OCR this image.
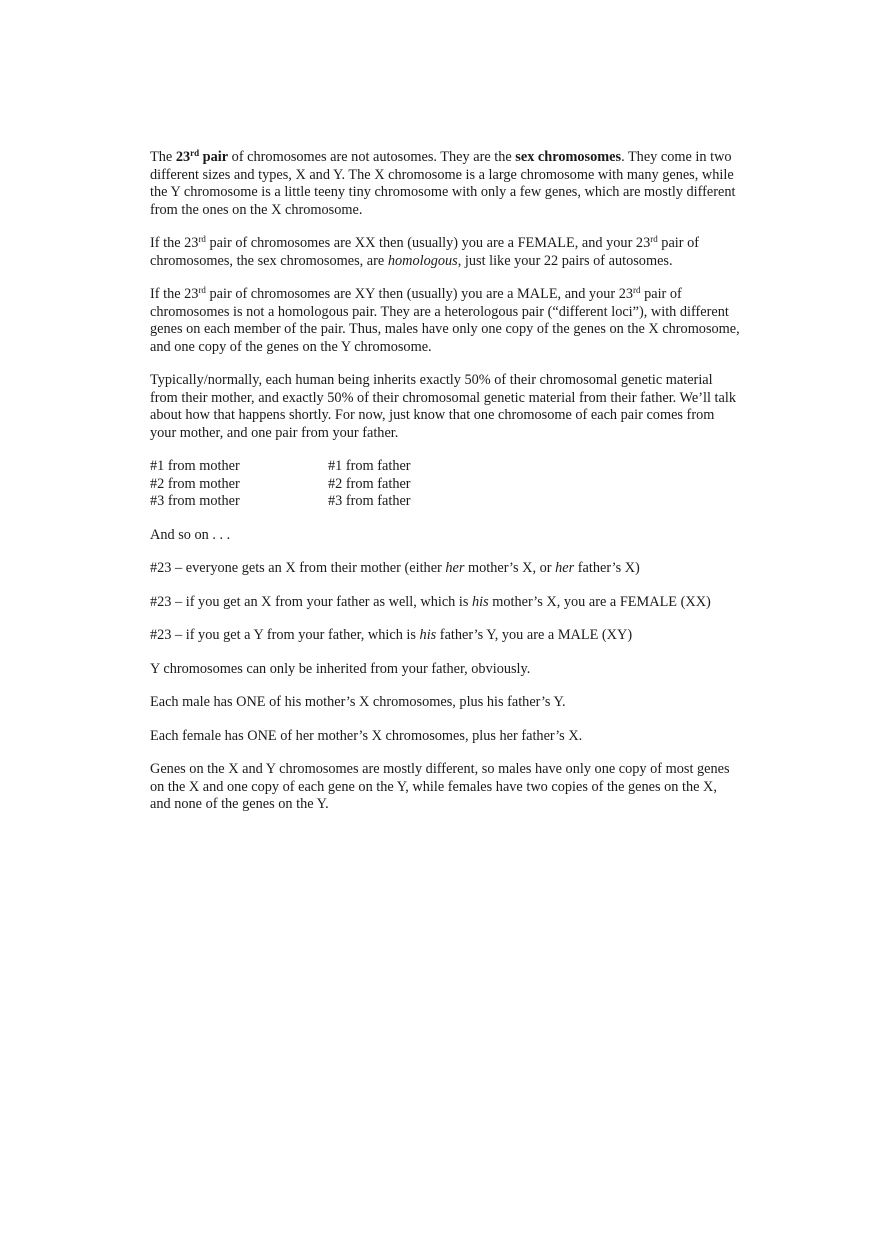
The 23rd pair of chromosomes are not autosomes. They are the sex chromosomes. They come in two different sizes and types, X and Y. The X chromosome is a large chromosome with many genes, while the Y chromosome is a little teeny tiny chromosome with only a few genes, which are mostly different from the ones on the X chromosome.

If the 23rd pair of chromosomes are XX then (usually) you are a FEMALE, and your 23rd pair of chromosomes, the sex chromosomes, are homologous, just like your 22 pairs of autosomes.

If the 23rd pair of chromosomes are XY then (usually) you are a MALE, and your 23rd pair of chromosomes is not a homologous pair. They are a heterologous pair (“different loci”), with different genes on each member of the pair. Thus, males have only one copy of the genes on the X chromosome, and one copy of the genes on the Y chromosome.

Typically/normally, each human being inherits exactly 50% of their chromosomal genetic material from their mother, and exactly 50% of their chromosomal genetic material from their father. We’ll talk about how that happens shortly. For now, just know that one chromosome of each pair comes from your mother, and one pair from your father.

#1 from mother	#1 from father
#2 from mother	#2 from father
#3 from mother	#3 from father

And so on . . .

#23 – everyone gets an X from their mother (either her mother’s X, or her father’s X)

#23 – if you get an X from your father as well, which is his mother’s X, you are a FEMALE (XX)

#23 – if you get a Y from your father, which is his father’s Y, you are a MALE (XY)

Y chromosomes can only be inherited from your father, obviously.

Each male has ONE of his mother’s X chromosomes, plus his father’s Y.

Each female has ONE of her mother’s X chromosomes, plus her father’s X.

Genes on the X and Y chromosomes are mostly different, so males have only one copy of most genes on the X and one copy of each gene on the Y, while females have two copies of the genes on the X, and none of the genes on the Y.
